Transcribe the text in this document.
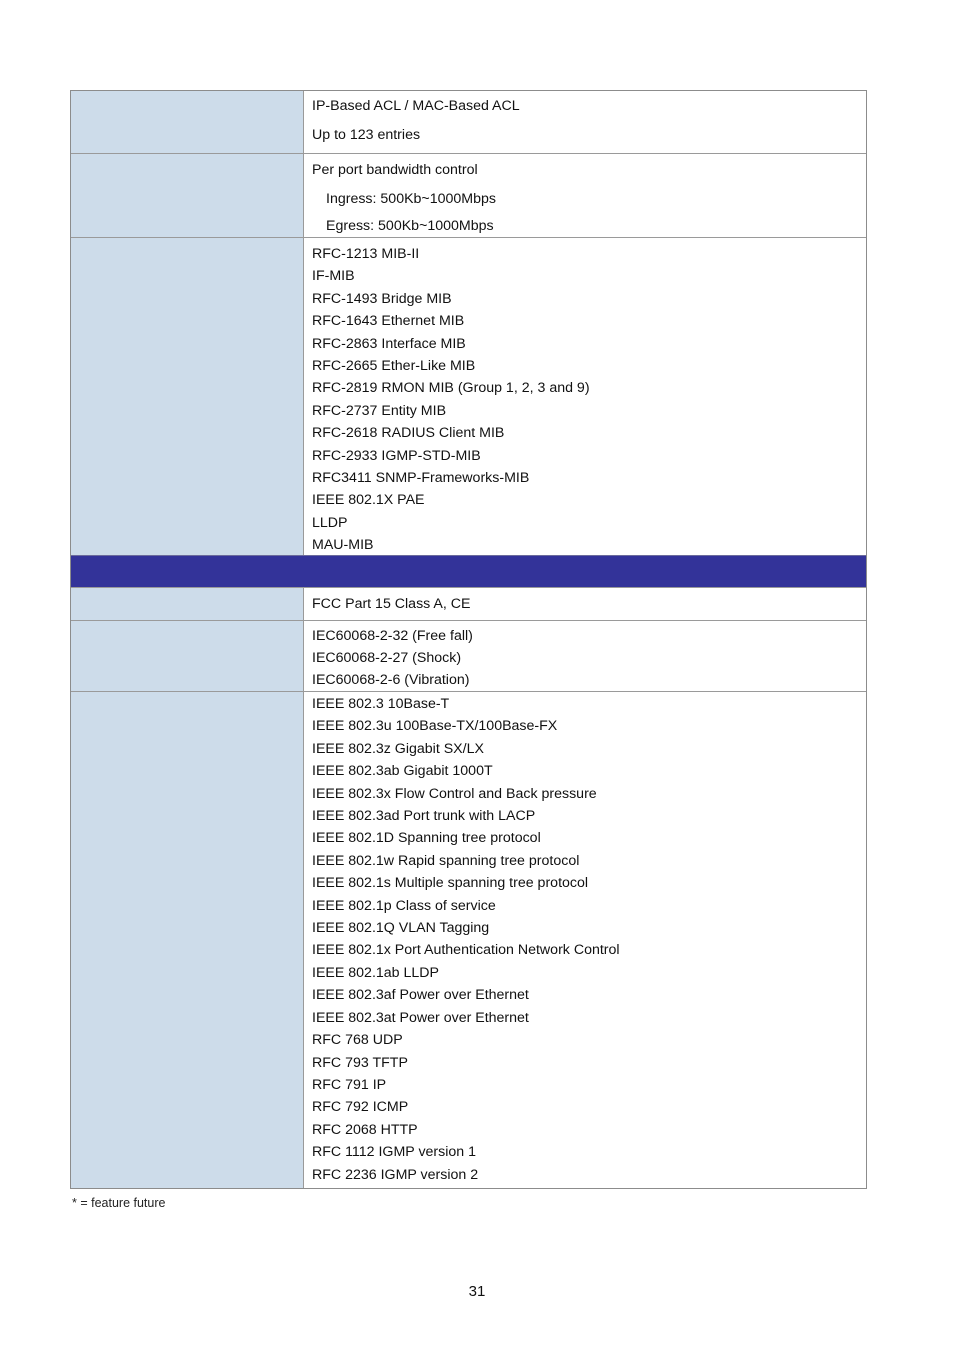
IP-Based ACL / MAC-Based ACL
Up to 123 entries
Per port bandwidth control
Ingress: 500Kb~1000Mbps
Egress: 500Kb~1000Mbps
RFC-1213 MIB-II
IF-MIB
RFC-1493 Bridge MIB
RFC-1643 Ethernet MIB
RFC-2863 Interface MIB
RFC-2665 Ether-Like MIB
RFC-2819 RMON MIB (Group 1, 2, 3 and 9)
RFC-2737 Entity MIB
RFC-2618 RADIUS Client MIB
RFC-2933 IGMP-STD-MIB
RFC3411 SNMP-Frameworks-MIB
IEEE 802.1X PAE
LLDP
MAU-MIB
FCC Part 15 Class A, CE
IEC60068-2-32 (Free fall)
IEC60068-2-27 (Shock)
IEC60068-2-6 (Vibration)
IEEE 802.3 10Base-T
IEEE 802.3u 100Base-TX/100Base-FX
IEEE 802.3z Gigabit SX/LX
IEEE 802.3ab Gigabit 1000T
IEEE 802.3x Flow Control and Back pressure
IEEE 802.3ad Port trunk with LACP
IEEE 802.1D Spanning tree protocol
IEEE 802.1w Rapid spanning tree protocol
IEEE 802.1s Multiple spanning tree protocol
IEEE 802.1p Class of service
IEEE 802.1Q VLAN Tagging
IEEE 802.1x Port Authentication Network Control
IEEE 802.1ab LLDP
IEEE 802.3af Power over Ethernet
IEEE 802.3at Power over Ethernet
RFC 768 UDP
RFC 793 TFTP
RFC 791 IP
RFC 792 ICMP
RFC 2068 HTTP
RFC 1112 IGMP version 1
RFC 2236 IGMP version 2
* = feature future
31
